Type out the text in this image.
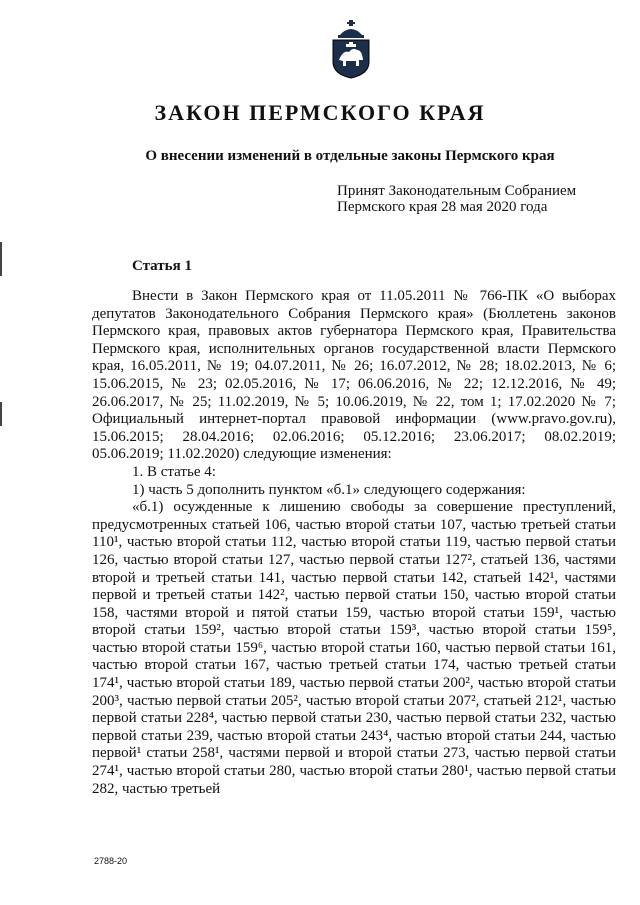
ЗАКОН ПЕРМСКОГО КРАЯ
О внесении изменений в отдельные законы Пермского края
Принят Законодательным Собранием
Пермского края 28 мая 2020 года
Статья 1

Внести в Закон Пермского края от 11.05.2011 № 766-ПК «О выборах депутатов Законодательного Собрания Пермского края» (Бюллетень законов Пермского края, правовых актов губернатора Пермского края, Правительства Пермского края, исполнительных органов государственной власти Пермского края, 16.05.2011, № 19; 04.07.2011, № 26; 16.07.2012, № 28; 18.02.2013, № 6; 15.06.2015, № 23; 02.05.2016, № 17; 06.06.2016, № 22; 12.12.2016, № 49; 26.06.2017, № 25; 11.02.2019, № 5; 10.06.2019, № 22, том 1; 17.02.2020 № 7; Официальный интернет-портал правовой информации (www.pravo.gov.ru), 15.06.2015; 28.04.2016; 02.06.2016; 05.12.2016; 23.06.2017; 08.02.2019; 05.06.2019; 11.02.2020) следующие изменения:

1. В статье 4:

1) часть 5 дополнить пунктом «б.1» следующего содержания:

«б.1) осужденные к лишению свободы за совершение преступлений, предусмотренных статьей 106, частью второй статьи 107, частью третьей статьи 110¹, частью второй статьи 112, частью второй статьи 119, частью первой статьи 126, частью второй статьи 127, частью первой статьи 127², статьей 136, частями второй и третьей статьи 141, частью первой статьи 142, статьей 142¹, частями первой и третьей статьи 142², частью первой статьи 150, частью второй статьи 158, частями второй и пятой статьи 159, частью второй статьи 159¹, частью второй статьи 159², частью второй статьи 159³, частью второй статьи 159⁵, частью второй статьи 159⁶, частью второй статьи 160, частью первой статьи 161, частью второй статьи 167, частью третьей статьи 174, частью третьей статьи 174¹, частью второй статьи 189, частью первой статьи 200², частью второй статьи 200³, частью первой статьи 205², частью второй статьи 207², статьей 212¹, частью первой статьи 228⁴, частью первой статьи 230, частью первой статьи 232, частью первой статьи 239, частью второй статьи 243⁴, частью второй статьи 244, частью первой¹ статьи 258¹, частями первой и второй статьи 273, частью первой статьи 274¹, частью второй статьи 280, частью второй статьи 280¹, частью первой статьи 282, частью третьей

2788-20
